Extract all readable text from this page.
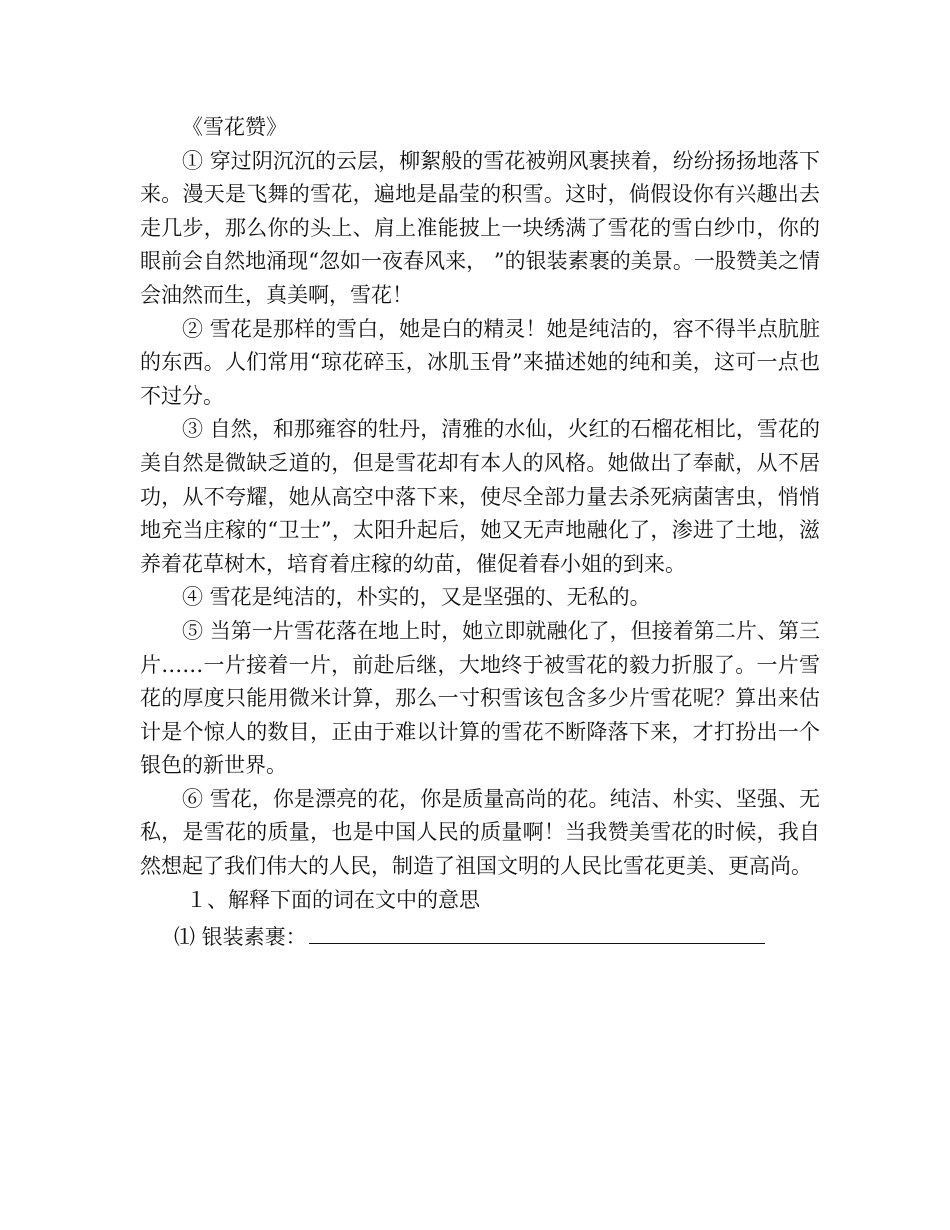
《雪花赞》

① 穿过阴沉沉的云层，柳絮般的雪花被朔风裹挟着，纷纷扬扬地落下来。漫天是飞舞的雪花，遍地是晶莹的积雪。这时，倘假设你有兴趣出去走几步，那么你的头上、肩上准能披上一块绣满了雪花的雪白纱巾，你的眼前会自然地涌现“忽如一夜春风来， ”的银装素裹的美景。一股赞美之情会油然而生，真美啊，雪花！

② 雪花是那样的雪白，她是白的精灵！她是纯洁的，容不得半点肮脏的东西。人们常用“琼花碎玉，冰肌玉骨”来描述她的纯和美，这可一点也不过分。

③ 自然，和那雍容的牡丹，清雅的水仙，火红的石榴花相比，雪花的美自然是微缺乏道的，但是雪花却有本人的风格。她做出了奉献，从不居功，从不夸耀，她从高空中落下来，使尽全部力量去杀死病菌害虫，悄悄地充当庄稼的“卫士”，太阳升起后，她又无声地融化了，渗进了土地，滋养着花草树木，培育着庄稼的幼苗，催促着春小姐的到来。

④ 雪花是纯洁的，朴实的，又是坚强的、无私的。

⑤ 当第一片雪花落在地上时，她立即就融化了，但接着第二片、第三片……一片接着一片，前赴后继，大地终于被雪花的毅力折服了。一片雪花的厚度只能用微米计算，那么一寸积雪该包含多少片雪花呢？算出来估计是个惊人的数目，正由于难以计算的雪花不断降落下来，才打扮出一个银色的新世界。

⑥ 雪花，你是漂亮的花，你是质量高尚的花。纯洁、朴实、坚强、无私，是雪花的质量，也是中国人民的质量啊！当我赞美雪花的时候，我自然想起了我们伟大的人民，制造了祖国文明的人民比雪花更美、更高尚。

１、解释下面的词在文中的意思

⑴ 银装素裹：
